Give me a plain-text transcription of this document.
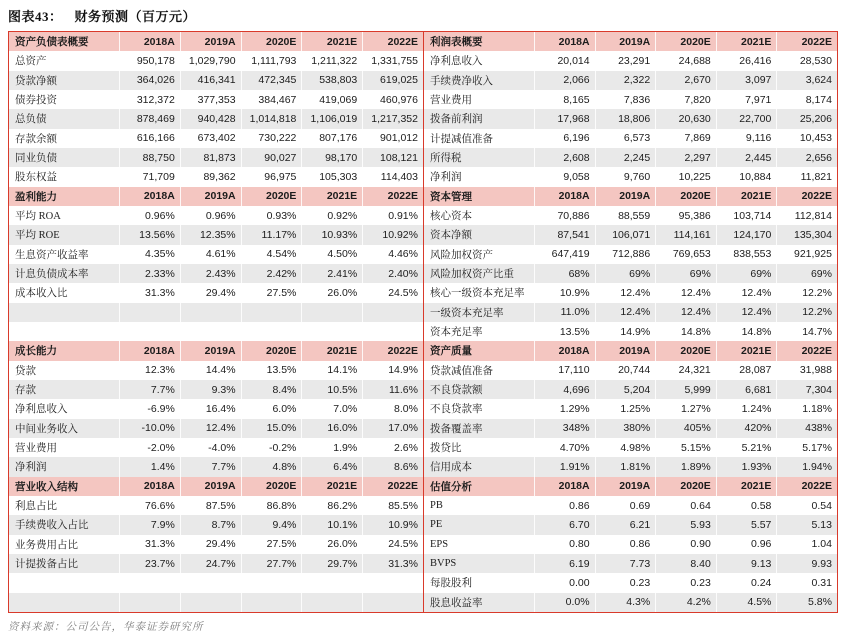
图表43： 财务预测（百万元）
资产负债表概要	2018A	2019A	2020E	2021E	2022E
总资产	950,178	1,029,790	1,111,793	1,211,322	1,331,755
贷款净额	364,026	416,341	472,345	538,803	619,025
债券投资	312,372	377,353	384,467	419,069	460,976
总负债	878,469	940,428	1,014,818	1,106,019	1,217,352
存款余额	616,166	673,402	730,222	807,176	901,012
同业负债	88,750	81,873	90,027	98,170	108,121
股东权益	71,709	89,362	96,975	105,303	114,403
盈利能力	2018A	2019A	2020E	2021E	2022E
平均 ROA	0.96%	0.96%	0.93%	0.92%	0.91%
平均 ROE	13.56%	12.35%	11.17%	10.93%	10.92%
生息资产收益率	4.35%	4.61%	4.54%	4.50%	4.46%
计息负债成本率	2.33%	2.43%	2.42%	2.41%	2.40%
成本收入比	31.3%	29.4%	27.5%	26.0%	24.5%
成长能力	2018A	2019A	2020E	2021E	2022E
贷款	12.3%	14.4%	13.5%	14.1%	14.9%
存款	7.7%	9.3%	8.4%	10.5%	11.6%
净利息收入	-6.9%	16.4%	6.0%	7.0%	8.0%
中间业务收入	-10.0%	12.4%	15.0%	16.0%	17.0%
营业费用	-2.0%	-4.0%	-0.2%	1.9%	2.6%
净利润	1.4%	7.7%	4.8%	6.4%	8.6%
营业收入结构	2018A	2019A	2020E	2021E	2022E
利息占比	76.6%	87.5%	86.8%	86.2%	85.5%
手续费收入占比	7.9%	8.7%	9.4%	10.1%	10.9%
业务费用占比	31.3%	29.4%	27.5%	26.0%	24.5%
计提拨备占比	23.7%	24.7%	27.7%	29.7%	31.3%
利润表概要	2018A	2019A	2020E	2021E	2022E
净利息收入	20,014	23,291	24,688	26,416	28,530
手续费净收入	2,066	2,322	2,670	3,097	3,624
营业费用	8,165	7,836	7,820	7,971	8,174
拨备前利润	17,968	18,806	20,630	22,700	25,206
计提减值准备	6,196	6,573	7,869	9,116	10,453
所得税	2,608	2,245	2,297	2,445	2,656
净利润	9,058	9,760	10,225	10,884	11,821
资本管理	2018A	2019A	2020E	2021E	2022E
核心资本	70,886	88,559	95,386	103,714	112,814
资本净额	87,541	106,071	114,161	124,170	135,304
风险加权资产	647,419	712,886	769,653	838,553	921,925
风险加权资产比重	68%	69%	69%	69%	69%
核心一级资本充足率	10.9%	12.4%	12.4%	12.4%	12.2%
一级资本充足率	11.0%	12.4%	12.4%	12.4%	12.2%
资本充足率	13.5%	14.9%	14.8%	14.8%	14.7%
资产质量	2018A	2019A	2020E	2021E	2022E
贷款减值准备	17,110	20,744	24,321	28,087	31,988
不良贷款额	4,696	5,204	5,999	6,681	7,304
不良贷款率	1.29%	1.25%	1.27%	1.24%	1.18%
拨备覆盖率	348%	380%	405%	420%	438%
拨贷比	4.70%	4.98%	5.15%	5.21%	5.17%
信用成本	1.91%	1.81%	1.89%	1.93%	1.94%
估值分析	2018A	2019A	2020E	2021E	2022E
PB	0.86	0.69	0.64	0.58	0.54
PE	6.70	6.21	5.93	5.57	5.13
EPS	0.80	0.86	0.90	0.96	1.04
BVPS	6.19	7.73	8.40	9.13	9.93
每股股利	0.00	0.23	0.23	0.24	0.31
股息收益率	0.0%	4.3%	4.2%	4.5%	5.8%
资料来源：公司公告，华泰证券研究所
